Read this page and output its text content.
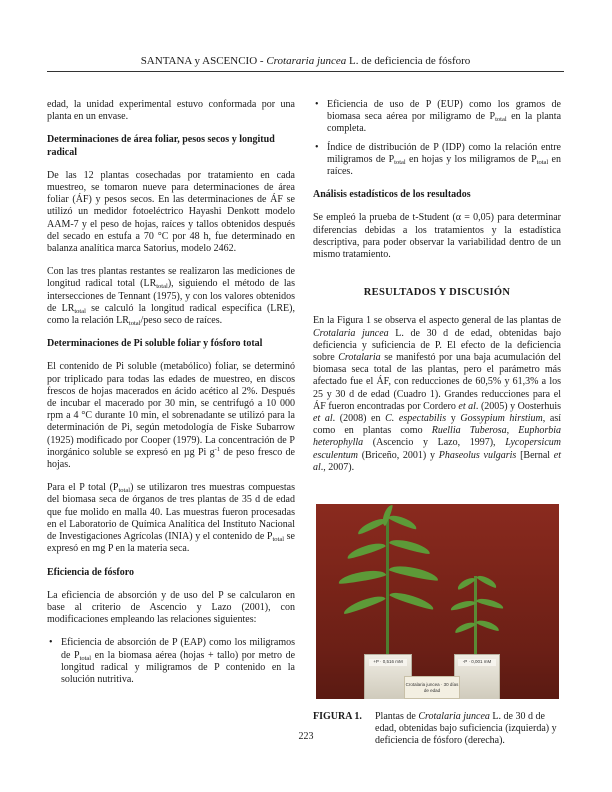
SANTANA y ASCENCIO - Crotararia juncea L. de deficiencia de fósforo

edad, la unidad experimental estuvo conformada por una planta en un envase.

Determinaciones de área foliar, pesos secos y longitud radical

De las 12 plantas cosechadas por tratamiento en cada muestreo, se tomaron nueve para determinaciones de área foliar (ÁF) y pesos secos. En las determinaciones de ÁF se utilizó un medidor fotoeléctrico Hayashi Denkott modelo AAM-7 y el peso de hojas, raíces y tallos obtenidos después del secado en estufa a 70 °C por 48 h, fue determinado en balanza analítica marca Satorius, modelo 2462.

Con las tres plantas restantes se realizaron las mediciones de longitud radical total $(LR_{total})$, siguiendo el método de las intersecciones de Tennant (1975), y con los valores obtenidos de $LR_{total}$ se calculó la longitud radical específica (LRE), como la relación $LR_{total}$/peso seco de raíces.

Determinaciones de Pi soluble foliar y fósforo total

El contenido de Pi soluble (metabólico) foliar, se determinó por triplicado para todas las edades de muestreo, en discos frescos de hojas macerados en ácido acético al 2%. Después de incubar el macerado por 30 min, se centrifugó a 10 000 rpm a 4 °C durante 10 min, el sobrenadante se utilizó para la determinación de Pi, según metodología de Fiske Subarrow (1925) modificado por Cooper (1979). La concentración de P inorgánico soluble se expresó en µg Pi $g^{-1}$ de peso fresco de hojas.

Para el P total $(P_{total})$ se utilizaron tres muestras compuestas del biomasa seca de órganos de tres plantas de 35 d de edad que fue molido en malla 40. Las muestras fueron procesadas en el Laboratorio de Química Analítica del Instituto Nacional de Investigaciones Agrícolas (INIA) y el contenido de $P_{total}$ se expresó en mg P en la materia seca.

Eficiencia de fósforo

La eficiencia de absorción y de uso del P se calcularon en base al criterio de Ascencio y Lazo (2001), con modificaciones empleando las relaciones siguientes:

• Eficiencia de absorción de P (EAP) como los miligramos de $P_{total}$ en la biomasa aérea (hojas + tallo) por metro de longitud radical y miligramos de P contenido en la solución nutritiva.
• Eficiencia de uso de P (EUP) como los gramos de biomasa seca aérea por miligramo de $P_{total}$ en la planta completa.
• Índice de distribución de P (IDP) como la relación entre miligramos de $P_{total}$ en hojas y los miligramos de $P_{total}$ en raíces.
Análisis estadísticos de los resultados

Se empleó la prueba de t-Student (α = 0,05) para determinar diferencias debidas a los tratamientos y la estadística descriptiva, para poder observar la variabilidad dentro de un mismo tratamiento.

RESULTADOS Y DISCUSIÓN

En la Figura 1 se observa el aspecto general de las plantas de Crotalaria juncea L. de 30 d de edad, obtenidas bajo deficiencia y suficiencia de P. El efecto de la deficiencia sobre Crotalaria se manifestó por una baja acumulación del biomasa seca total de las plantas, pero el parámetro más afectado fue el ÁF, con reducciones de 60,5% y 61,3% a los 25 y 30 d de edad (Cuadro 1). Grandes reducciones para el ÁF fueron encontradas por Cordero et al. (2005) y Oosterhuis et al. (2008) en C. espectabilis y Gossypium hirstium, así como en plantas como Ruellia Tuberosa, Euphorbia heterophylla (Ascencio y Lazo, 1997), Lycopersicum esculentum (Briceño, 2001) y Phaseolus vulgaris [Bernal et al., 2007).

+P · 0,516 mM	-P · 0,001 mM
Crotalaria juncea · 30 días de edad
FIGURA 1.	Plantas de Crotalaria juncea L. de 30 d de edad, obtenidas bajo suficiencia (izquierda) y deficiencia de fósforo (derecha).
223
